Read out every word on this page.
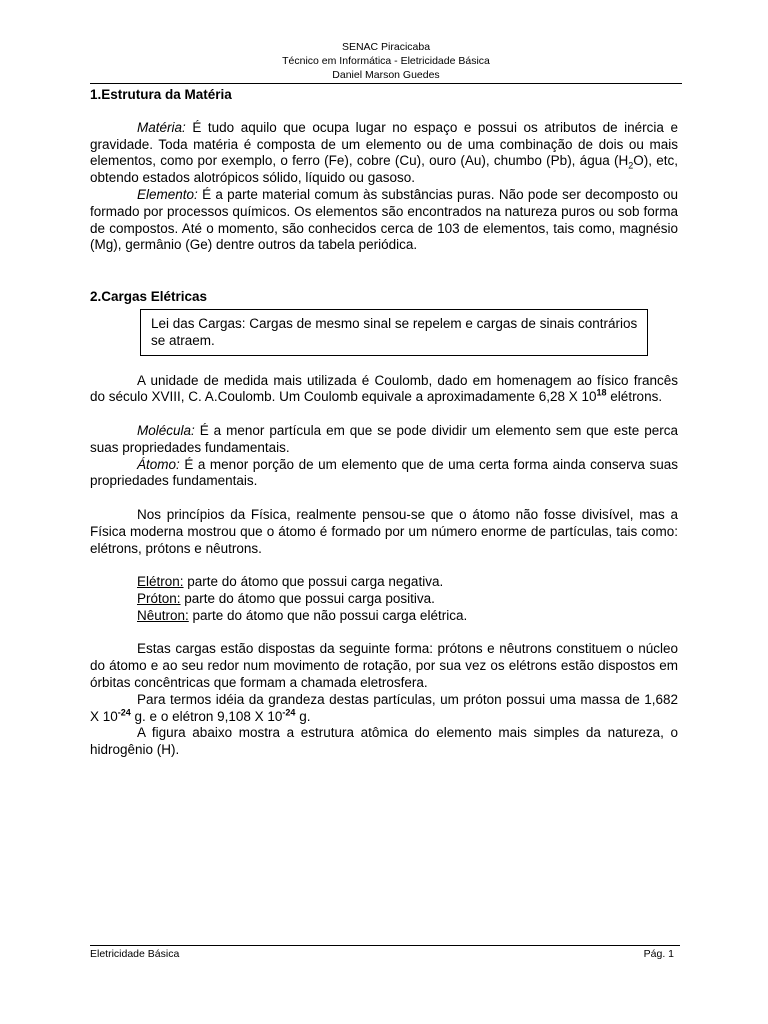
SENAC Piracicaba
Técnico em Informática - Eletricidade Básica
Daniel Marson Guedes
1.Estrutura da Matéria

Matéria: É tudo aquilo que ocupa lugar no espaço e possui os atributos de inércia e gravidade. Toda matéria é composta de um elemento ou de uma combinação de dois ou mais elementos, como por exemplo, o ferro (Fe), cobre (Cu), ouro (Au), chumbo (Pb), água $(H_2O)$, etc, obtendo estados alotrópicos sólido, líquido ou gasoso.

Elemento: É a parte material comum às substâncias puras. Não pode ser decomposto ou formado por processos químicos. Os elementos são encontrados na natureza puros ou sob forma de compostos. Até o momento, são conhecidos cerca de 103 de elementos, tais como, magnésio (Mg), germânio (Ge) dentre outros da tabela periódica.

2.Cargas Elétricas
Lei das Cargas: Cargas de mesmo sinal se repelem e cargas de sinais contrários se atraem.

A unidade de medida mais utilizada é Coulomb, dado em homenagem ao físico francês do século XVIII, C. A.Coulomb. Um Coulomb equivale a aproximadamente 6,28 X $10^{18}$ elétrons.

Molécula: É a menor partícula em que se pode dividir um elemento sem que este perca suas propriedades fundamentais.

Átomo: É a menor porção de um elemento que de uma certa forma ainda conserva suas propriedades fundamentais.

Nos princípios da Física, realmente pensou-se que o átomo não fosse divisível, mas a Física moderna mostrou que o átomo é formado por um número enorme de partículas, tais como: elétrons, prótons e nêutrons.

Elétron: parte do átomo que possui carga negativa.

Próton: parte do átomo que possui carga positiva.

Nêutron: parte do átomo que não possui carga elétrica.

Estas cargas estão dispostas da seguinte forma: prótons e nêutrons constituem o núcleo do átomo e ao seu redor num movimento de rotação, por sua vez os elétrons estão dispostos em órbitas concêntricas que formam a chamada eletrosfera.

Para termos idéia da grandeza destas partículas, um próton possui uma massa de 1,682 X $10^{-24}$ g. e o elétron 9,108 X $10^{-24}$ g.

A figura abaixo mostra a estrutura atômica do elemento mais simples da natureza, o hidrogênio (H).

Eletricidade Básica	Pág. 1
